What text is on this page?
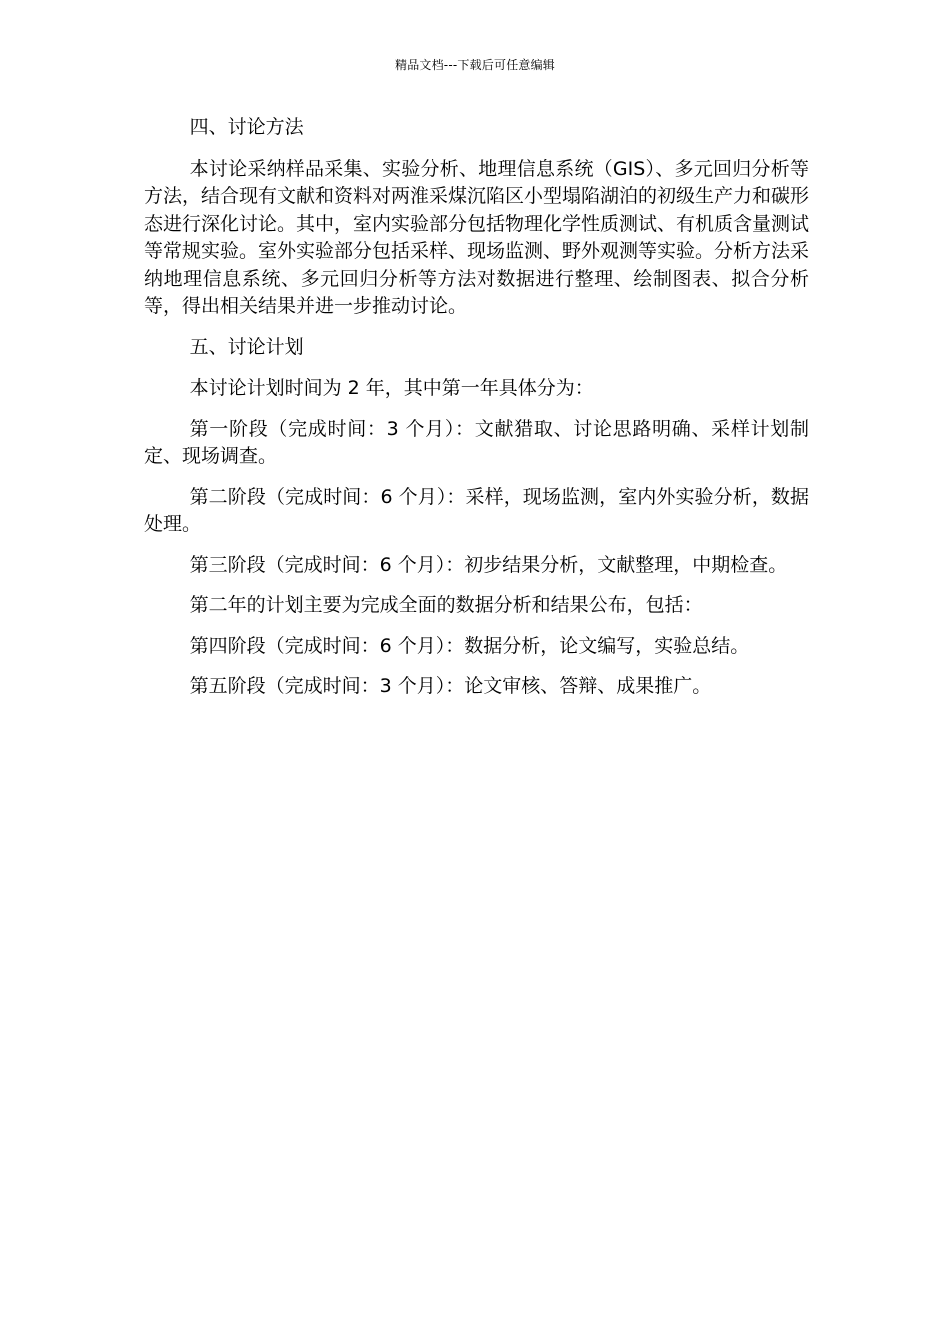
精品文档---下载后可任意编辑

四、讨论方法

本讨论采纳样品采集、实验分析、地理信息系统（GIS）、多元回归分析等方法，结合现有文献和资料对两淮采煤沉陷区小型塌陷湖泊的初级生产力和碳形态进行深化讨论。其中，室内实验部分包括物理化学性质测试、有机质含量测试等常规实验。室外实验部分包括采样、现场监测、野外观测等实验。分析方法采纳地理信息系统、多元回归分析等方法对数据进行整理、绘制图表、拟合分析等，得出相关结果并进一步推动讨论。

五、讨论计划

本讨论计划时间为 2 年，其中第一年具体分为：

第一阶段（完成时间：3 个月）：文献猎取、讨论思路明确、采样计划制定、现场调查。

第二阶段（完成时间：6 个月）：采样，现场监测，室内外实验分析，数据处理。

第三阶段（完成时间：6 个月）：初步结果分析，文献整理，中期检查。

第二年的计划主要为完成全面的数据分析和结果公布，包括：

第四阶段（完成时间：6 个月）：数据分析，论文编写，实验总结。

第五阶段（完成时间：3 个月）：论文审核、答辩、成果推广。
